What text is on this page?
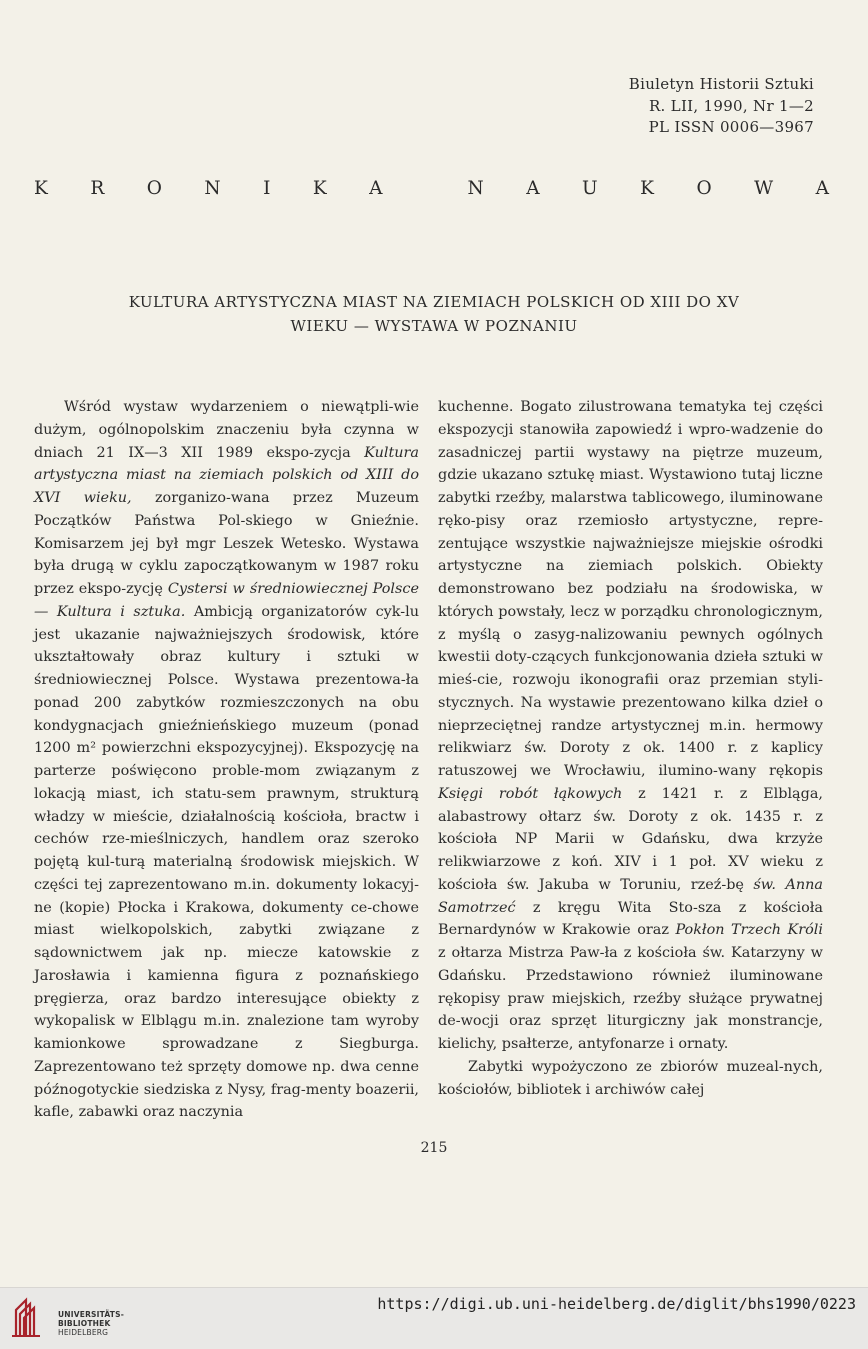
Biuletyn Historii Sztuki
R. LII, 1990, Nr 1—2
PL ISSN 0006—3967
K R O N I K A	N A U K O W A
KULTURA ARTYSTYCZNA MIAST NA ZIEMIACH POLSKICH OD XIII DO XV
WIEKU — WYSTAWA W POZNANIU

Wśród wystaw wydarzeniem o niewątpli-wie dużym, ogólnopolskim znaczeniu była czynna w dniach 21 IX—3 XII 1989 ekspo-zycja Kultura artystyczna miast na ziemiach polskich od XIII do XVI wieku, zorganizo-wana przez Muzeum Początków Państwa Pol-skiego w Gnieźnie. Komisarzem jej był mgr Leszek Wetesko. Wystawa była drugą w cyklu zapoczątkowanym w 1987 roku przez ekspo-zycję Cystersi w średniowiecznej Polsce — Kultura i sztuka. Ambicją organizatorów cyk-lu jest ukazanie najważniejszych środowisk, które ukształtowały obraz kultury i sztuki w średniowiecznej Polsce. Wystawa prezentowa-ła ponad 200 zabytków rozmieszczonych na obu kondygnacjach gnieźnieńskiego muzeum (ponad 1200 m² powierzchni ekspozycyjnej). Ekspozycję na parterze poświęcono proble-mom związanym z lokacją miast, ich statu-sem prawnym, strukturą władzy w mieście, działalnością kościoła, bractw i cechów rze-mieślniczych, handlem oraz szeroko pojętą kul-turą materialną środowisk miejskich. W części tej zaprezentowano m.in. dokumenty lokacyj-ne (kopie) Płocka i Krakowa, dokumenty ce-chowe miast wielkopolskich, zabytki związane z sądownictwem jak np. miecze katowskie z Jarosławia i kamienna figura z poznańskiego pręgierza, oraz bardzo interesujące obiekty z wykopalisk w Elblągu m.in. znalezione tam wyroby kamionkowe sprowadzane z Siegburga. Zaprezentowano też sprzęty domowe np. dwa cenne późnogotyckie siedziska z Nysy, frag-menty boazerii, kafle, zabawki oraz naczynia

kuchenne. Bogato zilustrowana tematyka tej części ekspozycji stanowiła zapowiedź i wpro-wadzenie do zasadniczej partii wystawy na piętrze muzeum, gdzie ukazano sztukę miast. Wystawiono tutaj liczne zabytki rzeźby, malarstwa tablicowego, iluminowane ręko-pisy oraz rzemiosło artystyczne, repre-zentujące wszystkie najważniejsze miejskie ośrodki artystyczne na ziemiach polskich. Obiekty demonstrowano bez podziału na środowiska, w których powstały, lecz w porządku chronologicznym, z myślą o zasyg-nalizowaniu pewnych ogólnych kwestii doty-czących funkcjonowania dzieła sztuki w mieś-cie, rozwoju ikonografii oraz przemian styli-stycznych. Na wystawie prezentowano kilka dzieł o nieprzeciętnej randze artystycznej m.in. hermowy relikwiarz św. Doroty z ok. 1400 r. z kaplicy ratuszowej we Wrocławiu, ilumino-wany rękopis Księgi robót łąkowych z 1421 r. z Elbląga, alabastrowy ołtarz św. Doroty z ok. 1435 r. z kościoła NP Marii w Gdańsku, dwa krzyże relikwiarzowe z koń. XIV i 1 poł. XV wieku z kościoła św. Jakuba w Toruniu, rzeź-bę św. Anna Samotrzeć z kręgu Wita Sto-sza z kościoła Bernardynów w Krakowie oraz Pokłon Trzech Króli z ołtarza Mistrza Paw-ła z kościoła św. Katarzyny w Gdańsku. Przedstawiono również iluminowane rękopisy praw miejskich, rzeźby służące prywatnej de-wocji oraz sprzęt liturgiczny jak monstrancje, kielichy, psałterze, antyfonarze i ornaty.

Zabytki wypożyczono ze zbiorów muzeal-nych, kościołów, bibliotek i archiwów całej

215
UNIVERSITÄTS-
BIBLIOTHEK
HEIDELBERG
https://digi.ub.uni-heidelberg.de/diglit/bhs1990/0223
